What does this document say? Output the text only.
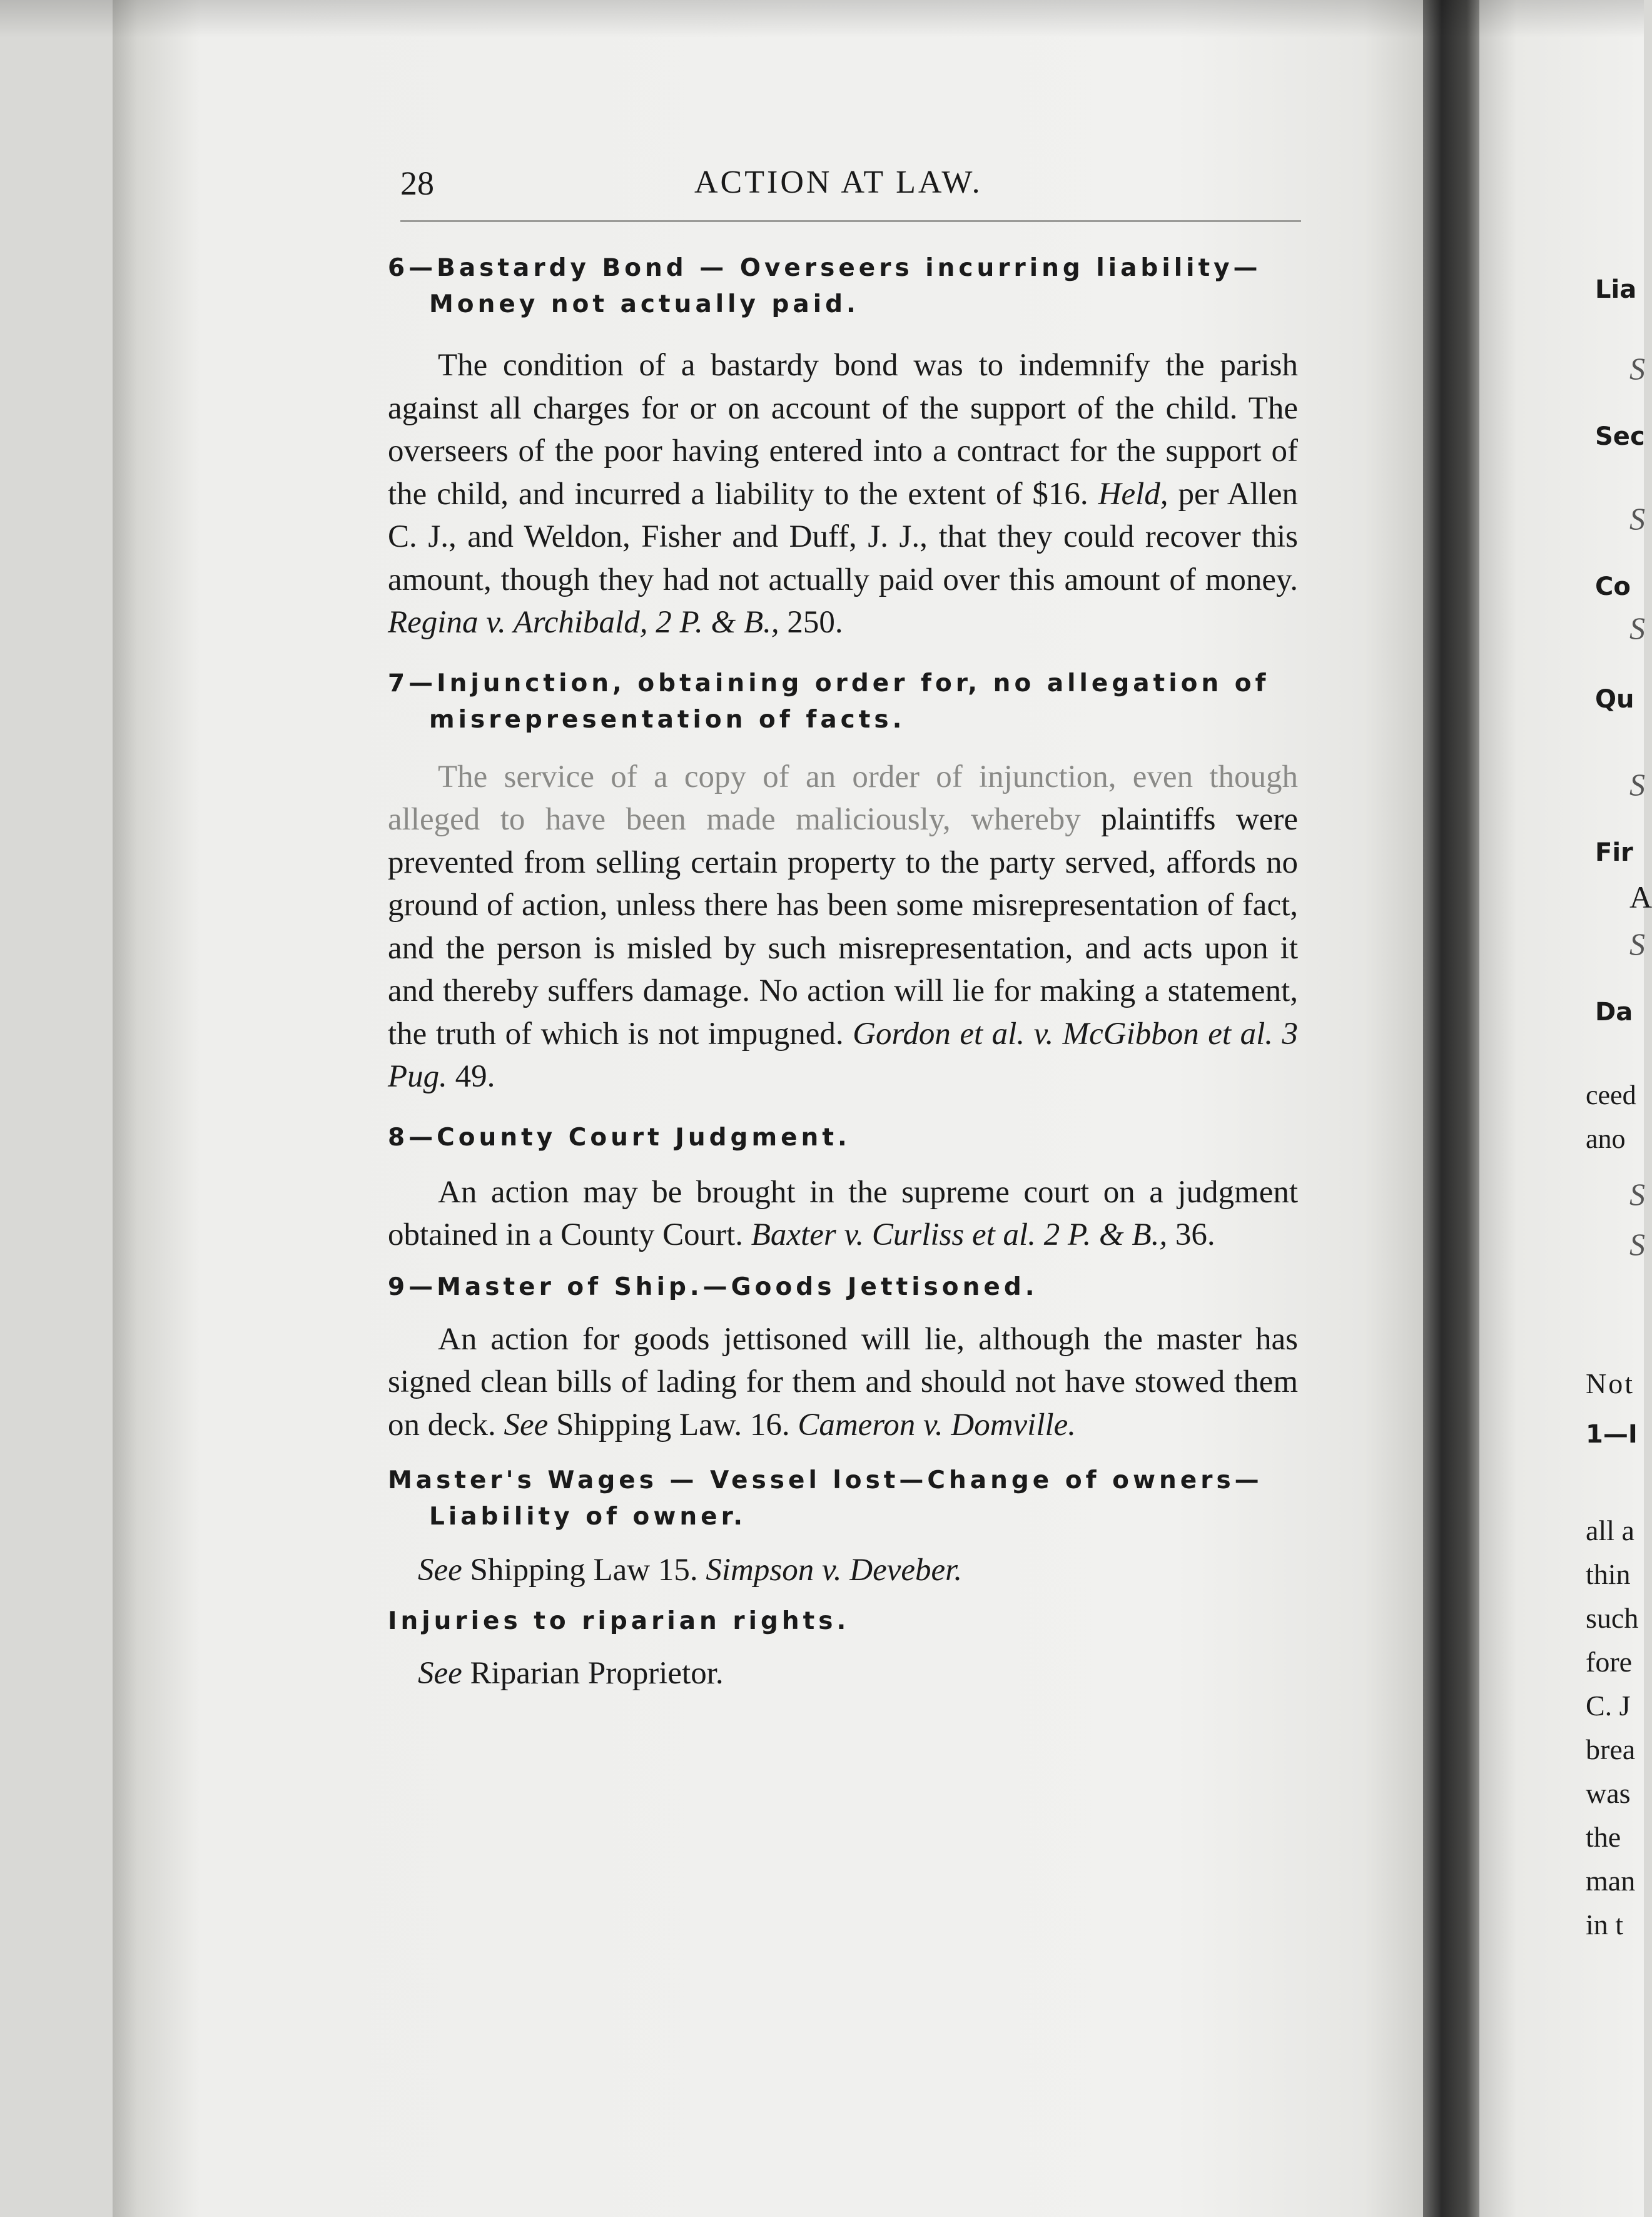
Lia
S
Sec
S
Co
S
Qu
S
Fir
A
S
Da
ceed
ano
S
S
Not
1—I
all a
thin
such
fore
C. J
brea
was
the
man
in t
28	ACTION AT LAW.

6—Bastardy Bond — Overseers incurring liability—
Money not actually paid.

The condition of a bastardy bond was to indemnify the parish against all charges for or on account of the support of the child. The overseers of the poor having entered into a contract for the support of the child, and incurred a liability to the extent of $16. Held, per Allen C. J., and Weldon, Fisher and Duff, J. J., that they could recover this amount, though they had not actually paid over this amount of money. Regina v. Archibald, 2 P. & B., 250.

7—Injunction, obtaining order for, no allegation of
misrepresentation of facts.

The service of a copy of an order of injunction, even though alleged to have been made maliciously, whereby plaintiffs were prevented from selling certain property to the party served, affords no ground of action, unless there has been some misrepresentation of fact, and the person is misled by such misrepresentation, and acts upon it and thereby suffers damage. No action will lie for making a statement, the truth of which is not impugned. Gordon et al. v. McGibbon et al. 3 Pug. 49.

8—County Court Judgment.

An action may be brought in the supreme court on a judgment obtained in a County Court. Baxter v. Curliss et al. 2 P. & B., 36.

9—Master of Ship.—Goods Jettisoned.

An action for goods jettisoned will lie, although the master has signed clean bills of lading for them and should not have stowed them on deck. See Shipping Law. 16. Cameron v. Domville.

Master's Wages — Vessel lost—Change of owners—
Liability of owner.

See Shipping Law 15. Simpson v. Deveber.

Injuries to riparian rights.

See Riparian Proprietor.
